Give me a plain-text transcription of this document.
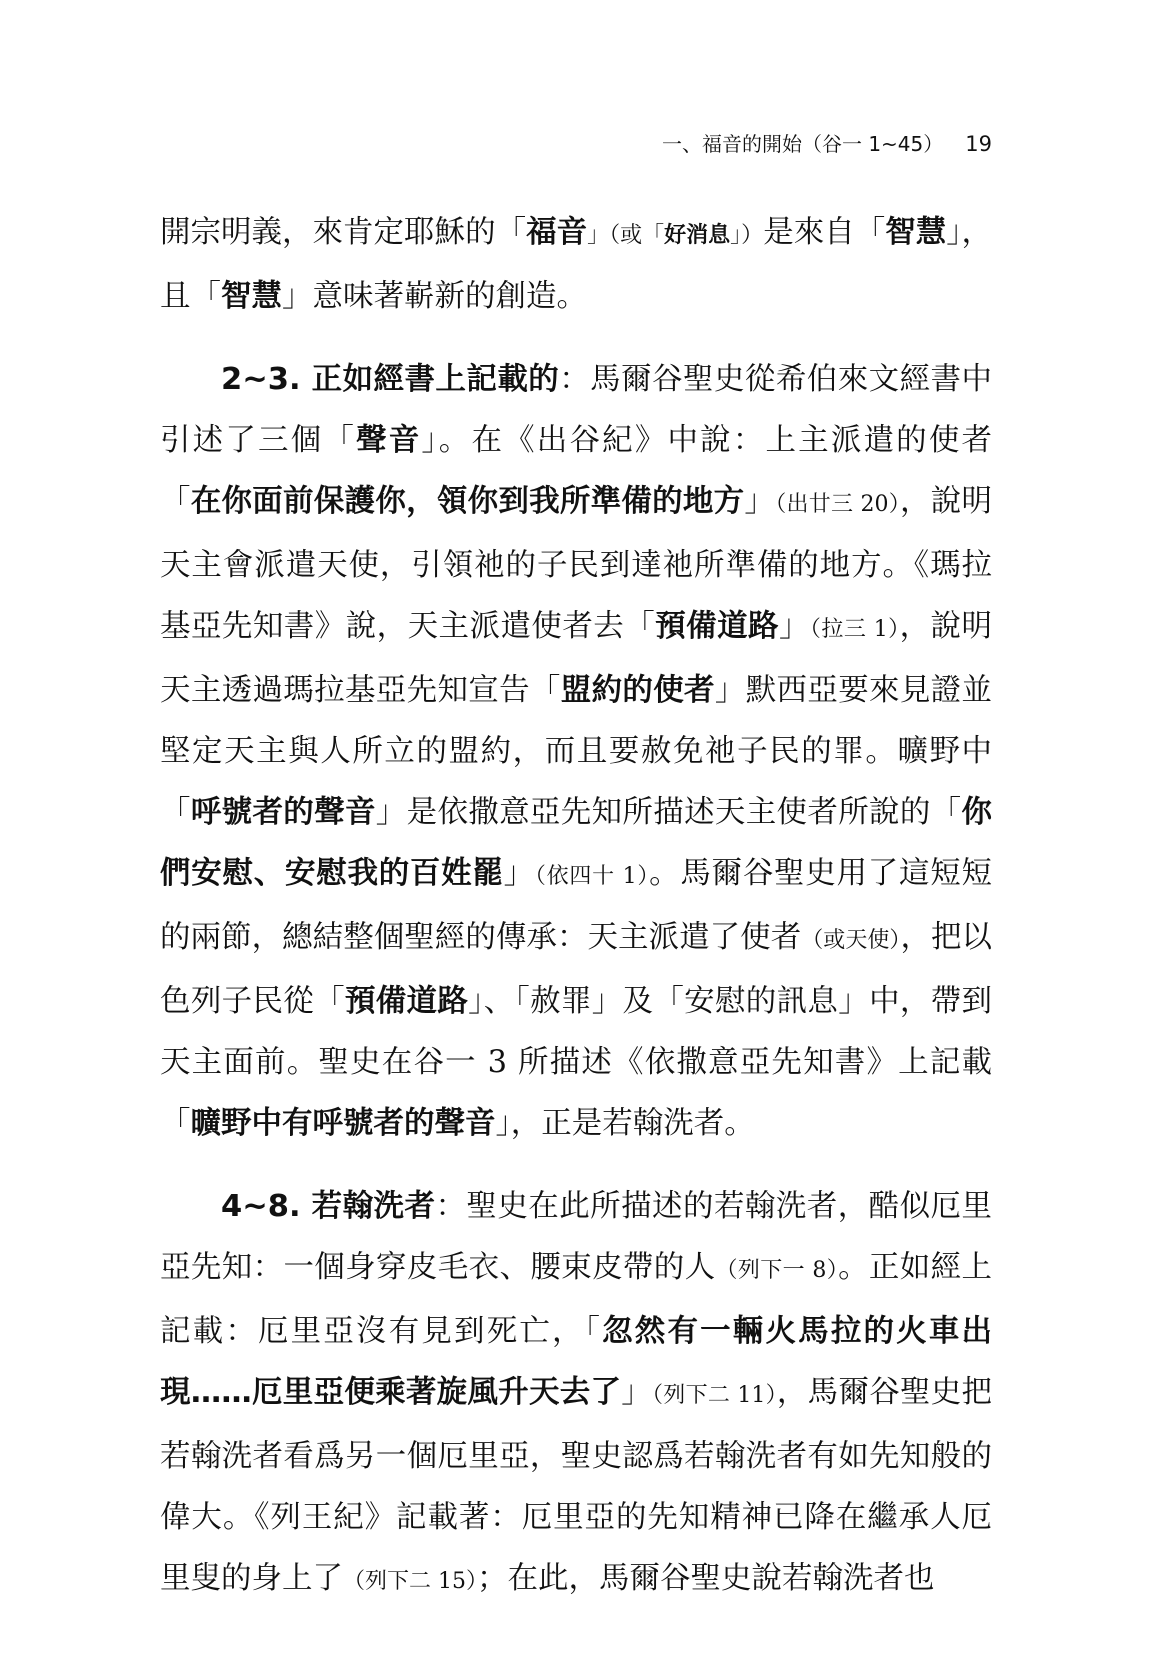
一、福音的開始（谷一 1~45） 19

開宗明義，來肯定耶穌的「福音」（或「好消息」）是來自「智慧」，且「智慧」意味著嶄新的創造。

2~3. 正如經書上記載的：馬爾谷聖史從希伯來文經書中引述了三個「聲音」。在《出谷紀》中說：上主派遣的使者「在你面前保護你，領你到我所準備的地方」（出廿三 20），說明天主會派遣天使，引領祂的子民到達祂所準備的地方。《瑪拉基亞先知書》說，天主派遣使者去「預備道路」（拉三 1），說明天主透過瑪拉基亞先知宣告「盟約的使者」默西亞要來見證並堅定天主與人所立的盟約，而且要赦免祂子民的罪。曠野中「呼號者的聲音」是依撒意亞先知所描述天主使者所說的「你們安慰、安慰我的百姓罷」（依四十 1）。馬爾谷聖史用了這短短的兩節，總結整個聖經的傳承：天主派遣了使者（或天使），把以色列子民從「預備道路」、「赦罪」及「安慰的訊息」中，帶到天主面前。聖史在谷一 3 所描述《依撒意亞先知書》上記載「曠野中有呼號者的聲音」，正是若翰洗者。

4~8. 若翰洗者：聖史在此所描述的若翰洗者，酷似厄里亞先知：一個身穿皮毛衣、腰束皮帶的人（列下一 8）。正如經上記載：厄里亞沒有見到死亡，「忽然有一輛火馬拉的火車出現……厄里亞便乘著旋風升天去了」（列下二 11），馬爾谷聖史把若翰洗者看爲另一個厄里亞，聖史認爲若翰洗者有如先知般的偉大。《列王紀》記載著：厄里亞的先知精神已降在繼承人厄里叟的身上了（列下二 15）；在此，馬爾谷聖史說若翰洗者也
